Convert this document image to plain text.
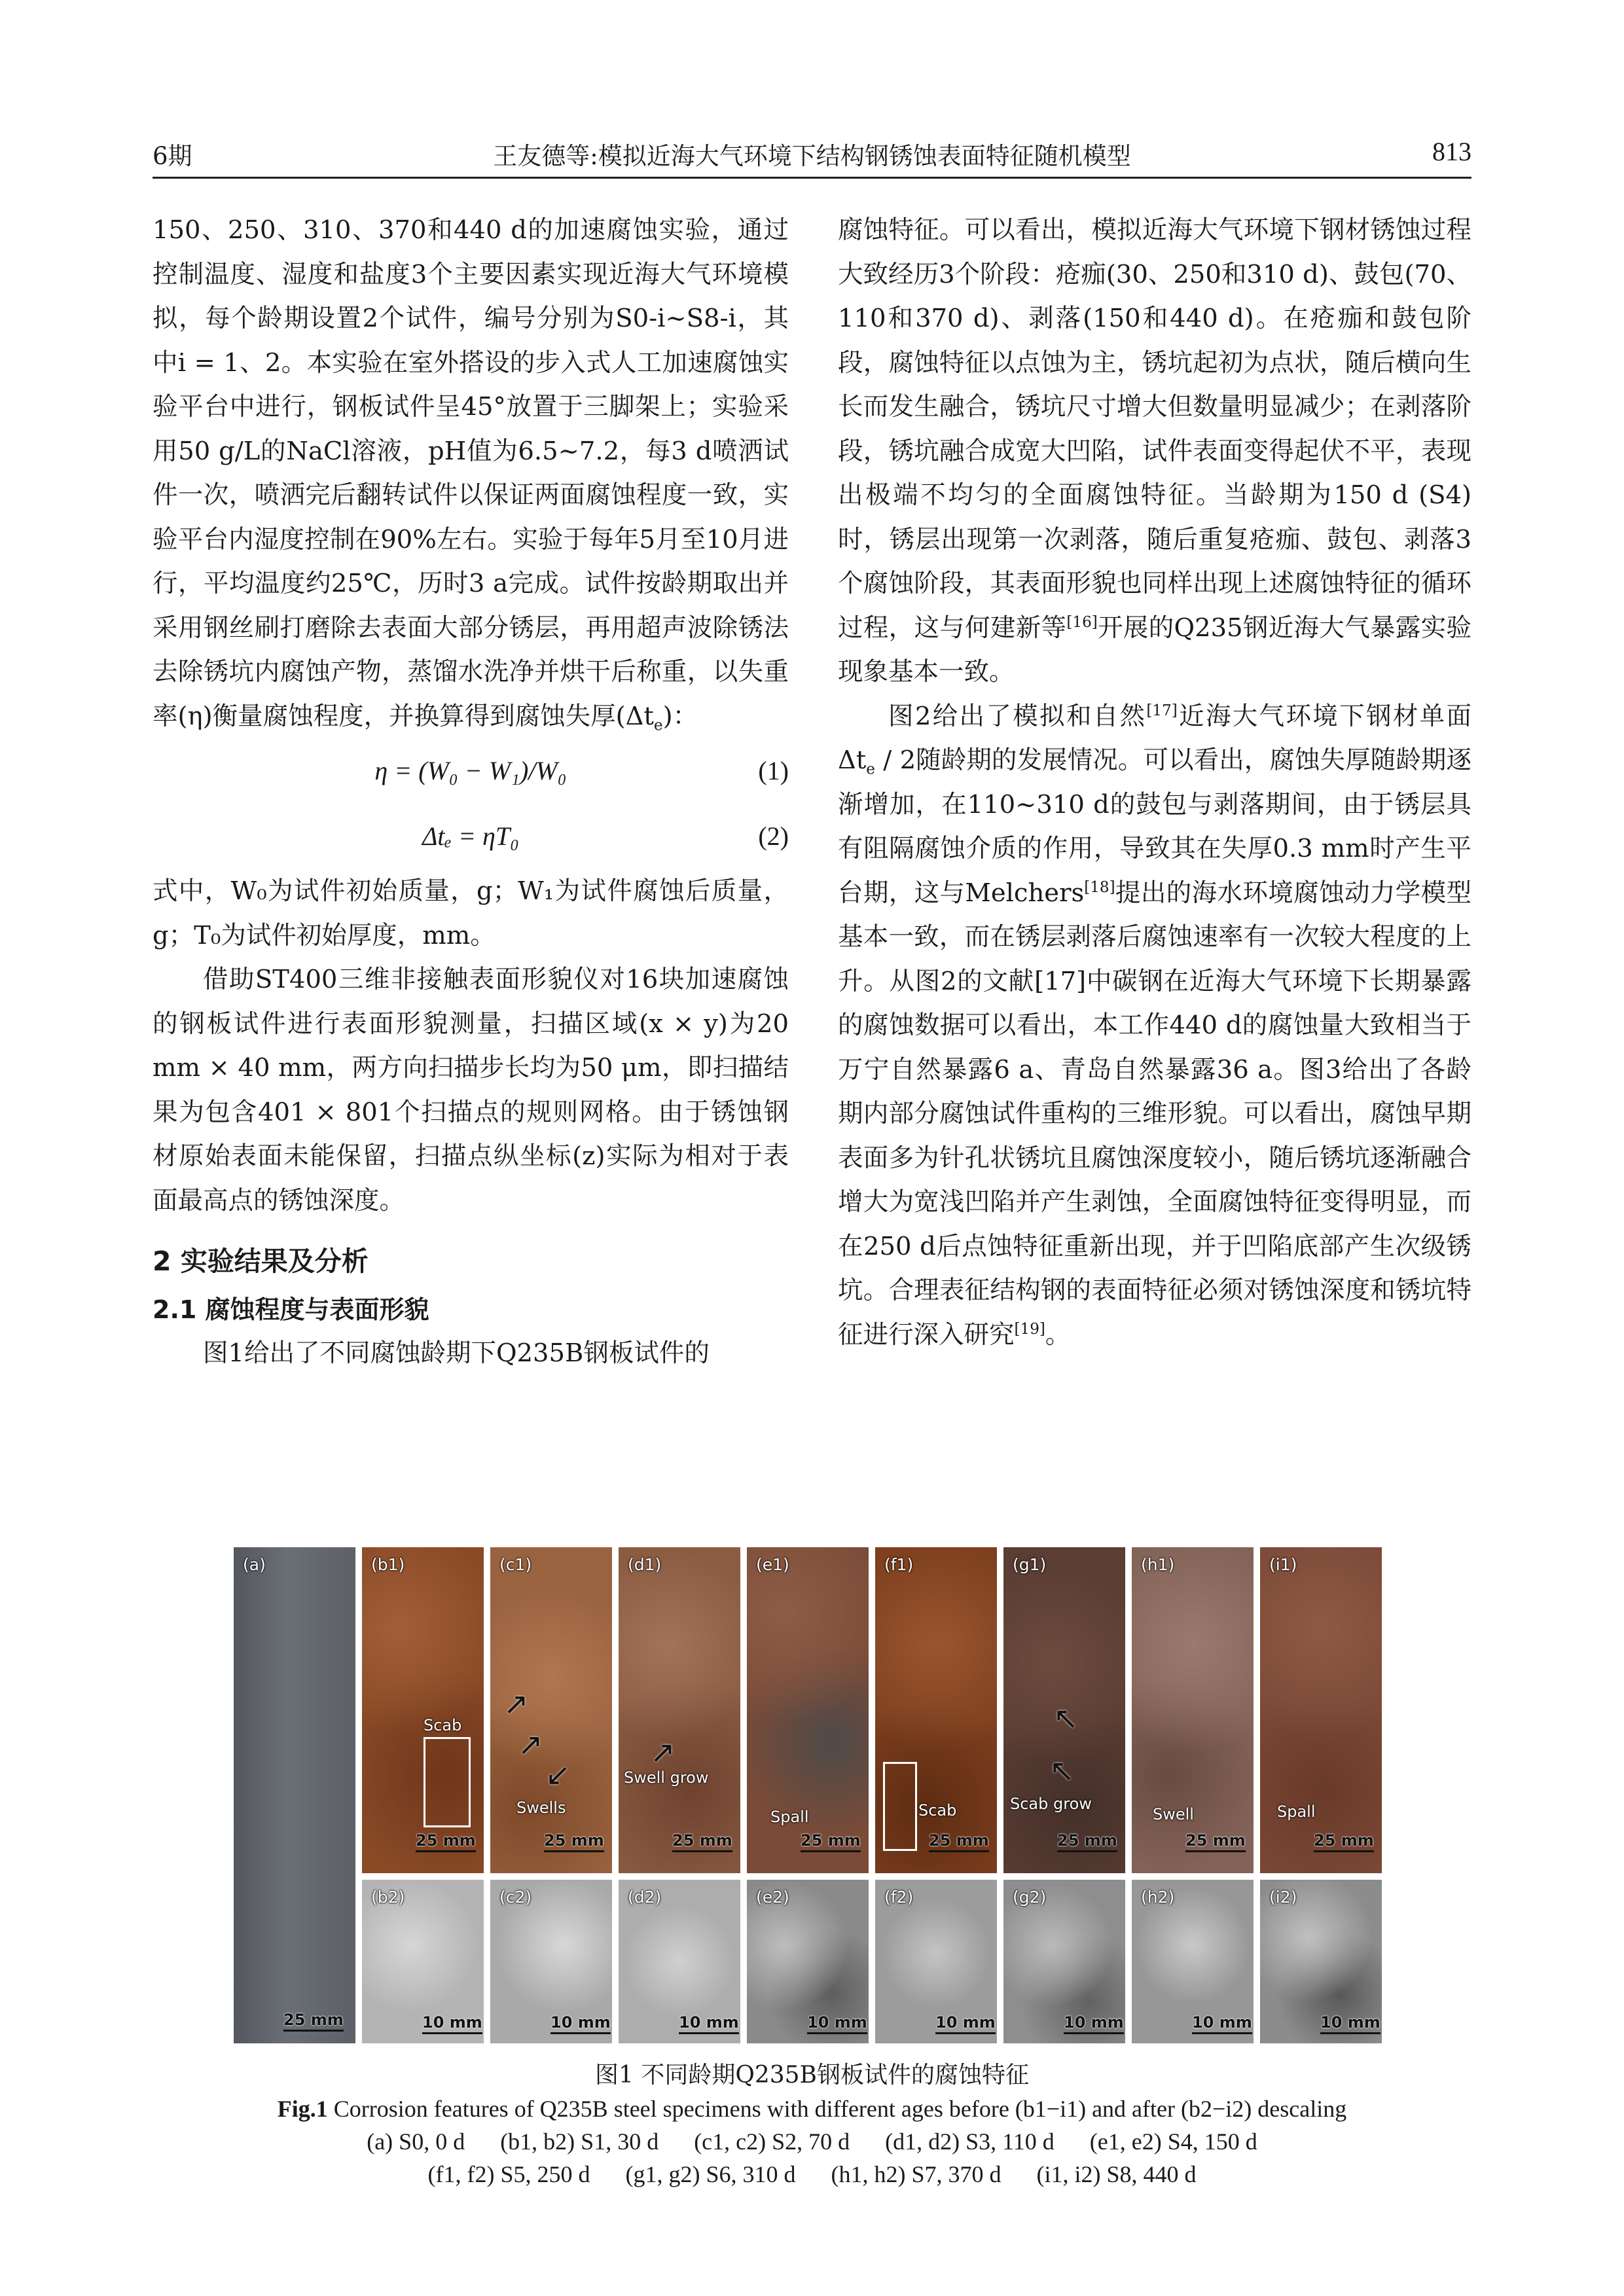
6期	王友德等:模拟近海大气环境下结构钢锈蚀表面特征随机模型	813

150、250、310、370和440 d的加速腐蚀实验，通过控制温度、湿度和盐度3个主要因素实现近海大气环境模拟，每个龄期设置2个试件，编号分别为S0-i~S8-i，其中i = 1、2。本实验在室外搭设的步入式人工加速腐蚀实验平台中进行，钢板试件呈45°放置于三脚架上；实验采用50 g/L的NaCl溶液，pH值为6.5~7.2，每3 d喷洒试件一次，喷洒完后翻转试件以保证两面腐蚀程度一致，实验平台内湿度控制在90%左右。实验于每年5月至10月进行，平均温度约25℃，历时3 a完成。试件按龄期取出并采用钢丝刷打磨除去表面大部分锈层，再用超声波除锈法去除锈坑内腐蚀产物，蒸馏水洗净并烘干后称重，以失重率(η)衡量腐蚀程度，并换算得到腐蚀失厚$(\Delta t_e)$：

η = (W₀ − W₁)/W₀	(1)
Δtₑ = ηT₀	(2)

式中，W₀为试件初始质量，g；W₁为试件腐蚀后质量，g；T₀为试件初始厚度，mm。

借助ST400三维非接触表面形貌仪对16块加速腐蚀的钢板试件进行表面形貌测量，扫描区域(x × y)为20 mm × 40 mm，两方向扫描步长均为50 μm，即扫描结果为包含401 × 801个扫描点的规则网格。由于锈蚀钢材原始表面未能保留，扫描点纵坐标(z)实际为相对于表面最高点的锈蚀深度。

2 实验结果及分析
2.1 腐蚀程度与表面形貌

图1给出了不同腐蚀龄期下Q235B钢板试件的

腐蚀特征。可以看出，模拟近海大气环境下钢材锈蚀过程大致经历3个阶段：疮痂(30、250和310 d)、鼓包(70、110和370 d)、剥落(150和440 d)。在疮痂和鼓包阶段，腐蚀特征以点蚀为主，锈坑起初为点状，随后横向生长而发生融合，锈坑尺寸增大但数量明显减少；在剥落阶段，锈坑融合成宽大凹陷，试件表面变得起伏不平，表现出极端不均匀的全面腐蚀特征。当龄期为150 d (S4)时，锈层出现第一次剥落，随后重复疮痂、鼓包、剥落3个腐蚀阶段，其表面形貌也同样出现上述腐蚀特征的循环过程，这与何建新等[16]开展的Q235钢近海大气暴露实验现象基本一致。

图2给出了模拟和自然[17]近海大气环境下钢材单面$\Delta t_e / 2$随龄期的发展情况。可以看出，腐蚀失厚随龄期逐渐增加，在110~310 d的鼓包与剥落期间，由于锈层具有阻隔腐蚀介质的作用，导致其在失厚0.3 mm时产生平台期，这与Melchers[18]提出的海水环境腐蚀动力学模型基本一致，而在锈层剥落后腐蚀速率有一次较大程度的上升。从图2的文献[17]中碳钢在近海大气环境下长期暴露的腐蚀数据可以看出，本工作440 d的腐蚀量大致相当于万宁自然暴露6 a、青岛自然暴露36 a。图3给出了各龄期内部分腐蚀试件重构的三维形貌。可以看出，腐蚀早期表面多为针孔状锈坑且腐蚀深度较小，随后锈坑逐渐融合增大为宽浅凹陷并产生剥蚀，全面腐蚀特征变得明显，而在250 d后点蚀特征重新出现，并于凹陷底部产生次级锈坑。合理表征结构钢的表面特征必须对锈蚀深度和锈坑特征进行深入研究[19]。

(a)
25 mm
(b1)
Scab
25 mm
(c1)
↗
↗
↙
Swells
25 mm
(d1)
↗
Swell grow
25 mm
(e1)
Spall
25 mm
(f1)
Scab
25 mm
(g1)
↖
↖
Scab grow
25 mm
(h1)
Swell
25 mm
(i1)
Spall
25 mm
(b2)
10 mm
(c2)
10 mm
(d2)
10 mm
(e2)
10 mm
(f2)
10 mm
(g2)
10 mm
(h2)
10 mm
(i2)
10 mm
图1 不同龄期Q235B钢板试件的腐蚀特征
Fig.1 Corrosion features of Q235B steel specimens with different ages before (b1−i1) and after (b2−i2) descaling
(a) S0, 0 d      (b1, b2) S1, 30 d      (c1, c2) S2, 70 d      (d1, d2) S3, 110 d      (e1, e2) S4, 150 d
(f1, f2) S5, 250 d      (g1, g2) S6, 310 d      (h1, h2) S7, 370 d      (i1, i2) S8, 440 d
